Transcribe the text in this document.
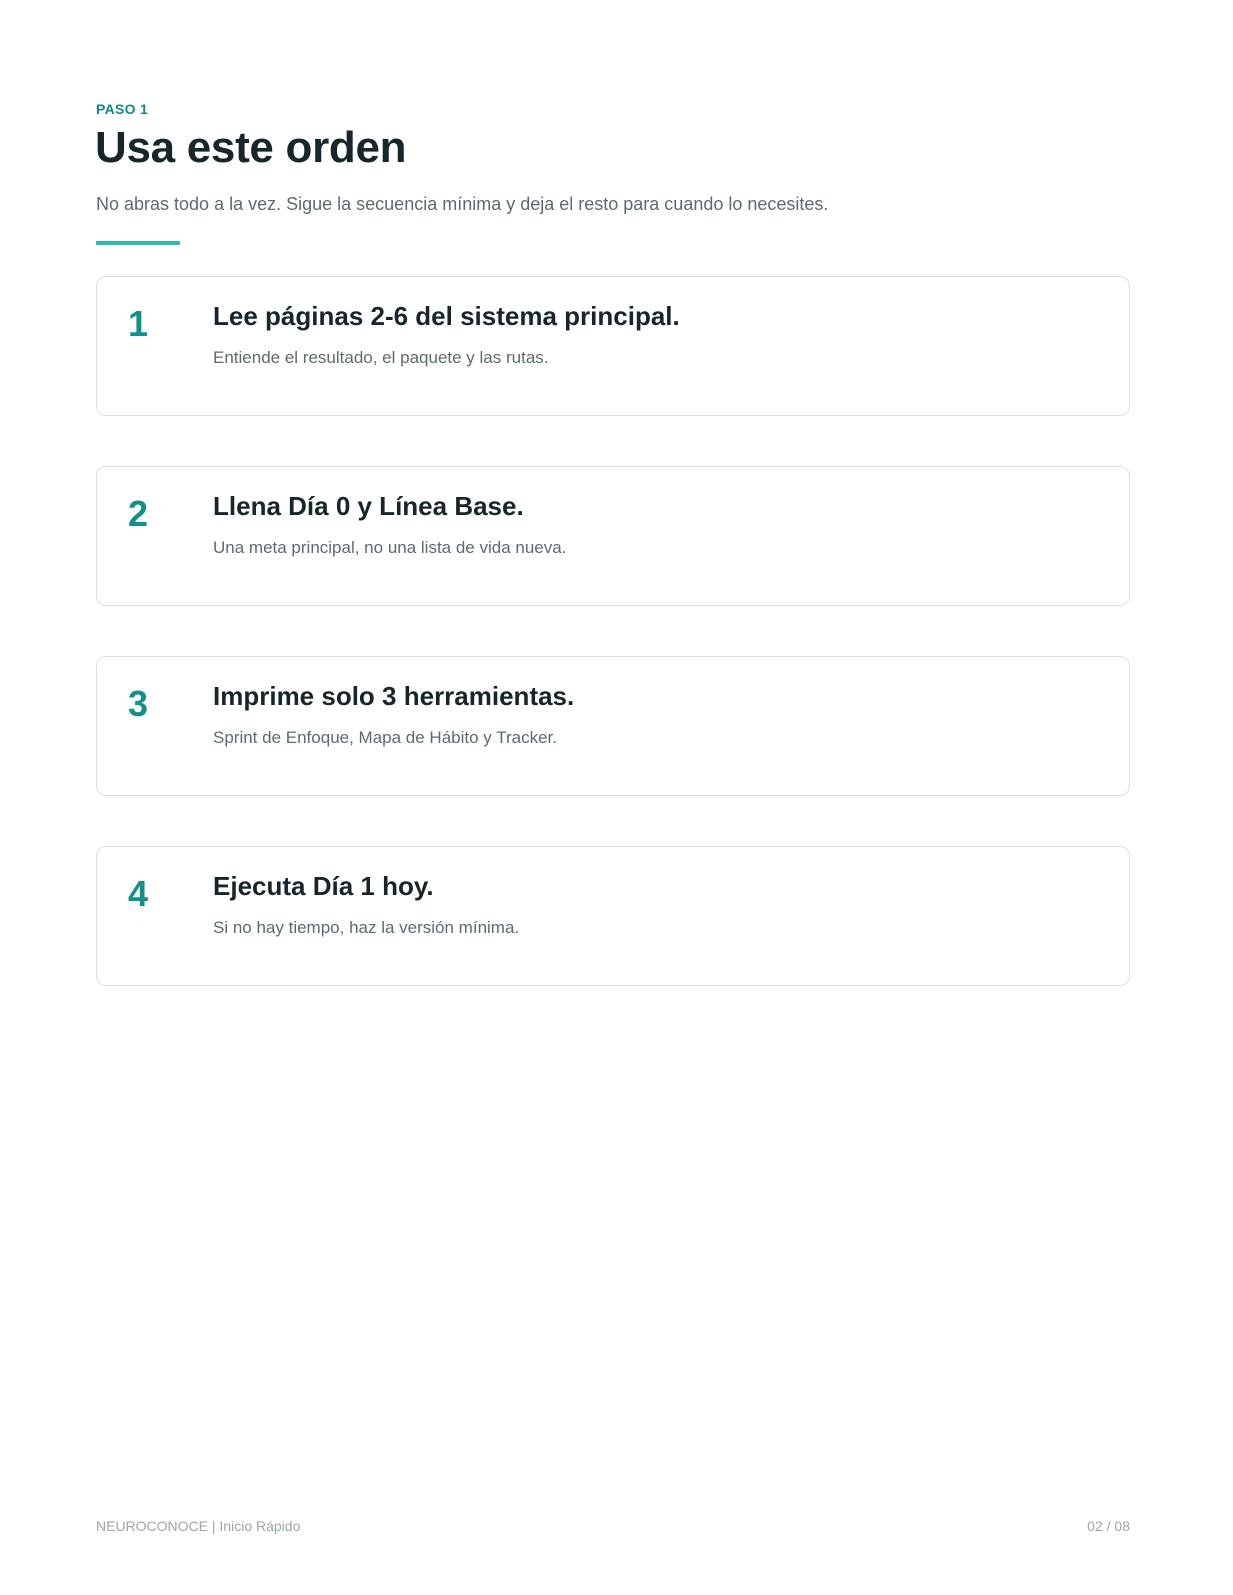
PASO 1
Usa este orden

No abras todo a la vez. Sigue la secuencia mínima y deja el resto para cuando lo necesites.

1 Lee páginas 2-6 del sistema principal.
Entiende el resultado, el paquete y las rutas.
2 Llena Día 0 y Línea Base.
Una meta principal, no una lista de vida nueva.
3 Imprime solo 3 herramientas.
Sprint de Enfoque, Mapa de Hábito y Tracker.
4 Ejecuta Día 1 hoy.
Si no hay tiempo, haz la versión mínima.
NEUROCONOCE | Inicio Rápido	02 / 08
